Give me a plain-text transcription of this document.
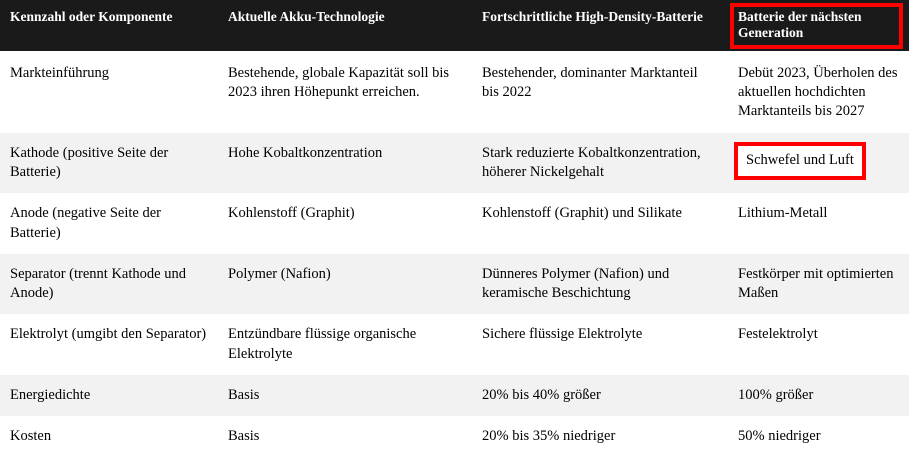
Kennzahl oder Komponente	Aktuelle Akku-Technologie	Fortschrittliche High-Density-Batterie	Batterie der nächsten Generation

Markteinführung	Bestehende, globale Kapazität soll bis 2023 ihren Höhepunkt erreichen.	Bestehender, dominanter Marktanteil bis 2022	Debüt 2023, Überholen des aktuellen hochdichten Marktanteils bis 2027
Kathode (positive Seite der Batterie)	Hohe Kobaltkonzentration	Stark reduzierte Kobaltkonzentration, höherer Nickelgehalt	Schwefel und Luft
Anode (negative Seite der Batterie)	Kohlenstoff (Graphit)	Kohlenstoff (Graphit) und Silikate	Lithium-Metall
Separator (trennt Kathode und Anode)	Polymer (Nafion)	Dünneres Polymer (Nafion) und keramische Beschichtung	Festkörper mit optimierten Maßen
Elektrolyt (umgibt den Separator)	Entzündbare flüssige organische Elektrolyte	Sichere flüssige Elektrolyte	Festelektrolyt
Energiedichte	Basis	20% bis 40% größer	100% größer
Kosten	Basis	20% bis 35% niedriger	50% niedriger
